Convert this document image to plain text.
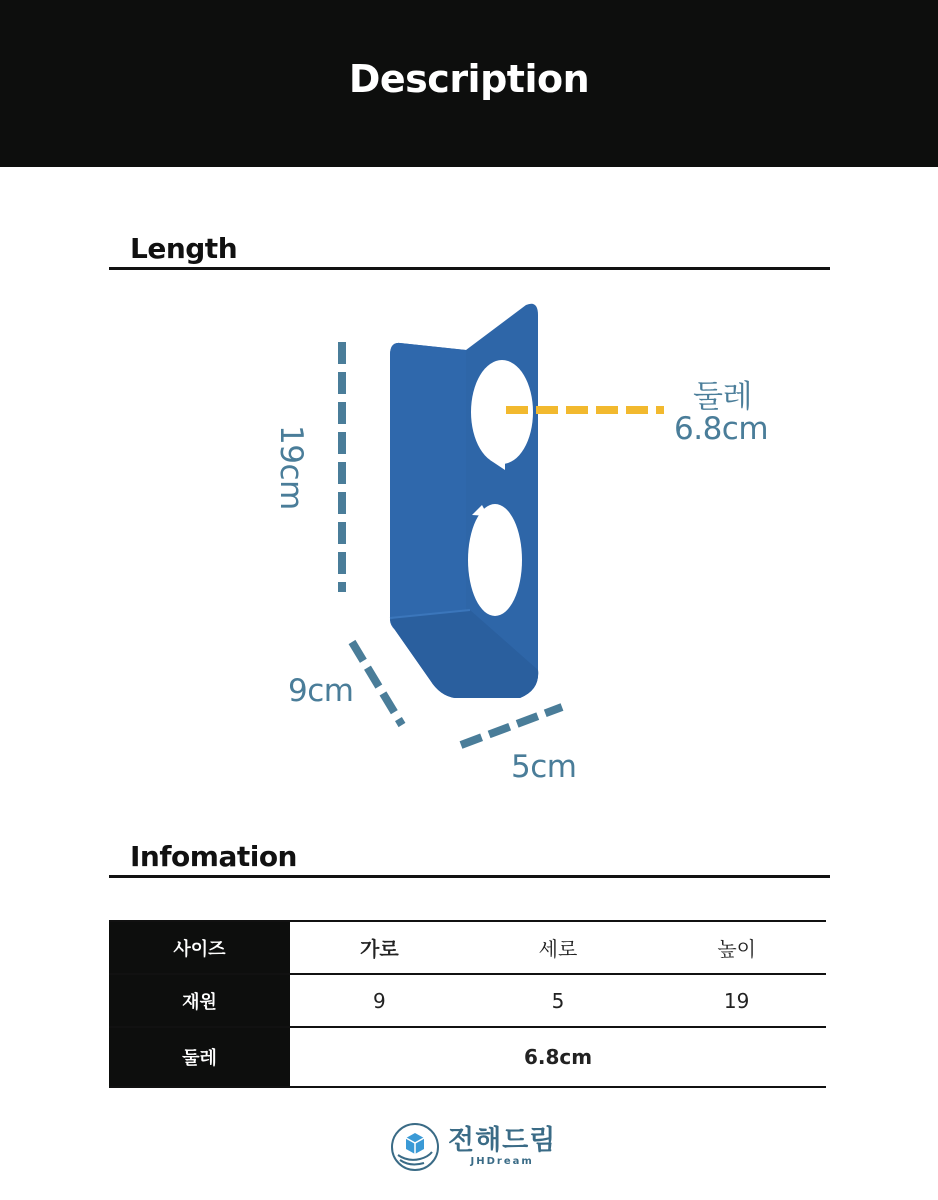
Description
Length
19cm
9cm
5cm
둘레
6.8cm
Infomation
사이즈	가로	세로	높이
재원	9	5	19
둘레	6.8cm		
전해드림
JHDream
